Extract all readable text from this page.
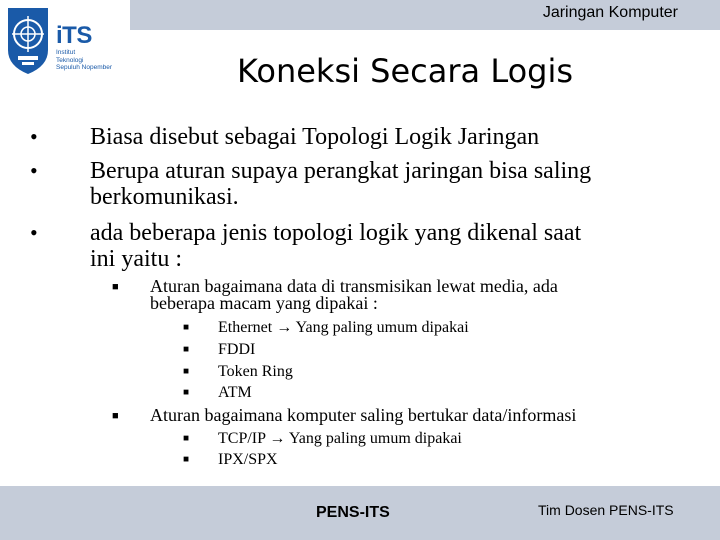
Jaringan Komputer
iTS
Institut
Teknologi
Sepuluh Nopember	Koneksi Secara Logis
• Biasa disebut sebagai Topologi Logik Jaringan
• Berupa aturan supaya perangkat jaringan bisa saling
berkomunikasi.
• ada beberapa jenis topologi logik yang dikenal saat
ini yaitu :
■ Aturan bagaimana data di transmisikan lewat media, ada
beberapa macam yang dipakai :
■ Ethernet → Yang paling umum dipakai
■ FDDI
■ Token Ring
■ ATM
■ Aturan bagaimana komputer saling bertukar data/informasi
■ TCP/IP → Yang paling umum dipakai
■ IPX/SPX
PENS-ITS	Tim Dosen PENS-ITS
